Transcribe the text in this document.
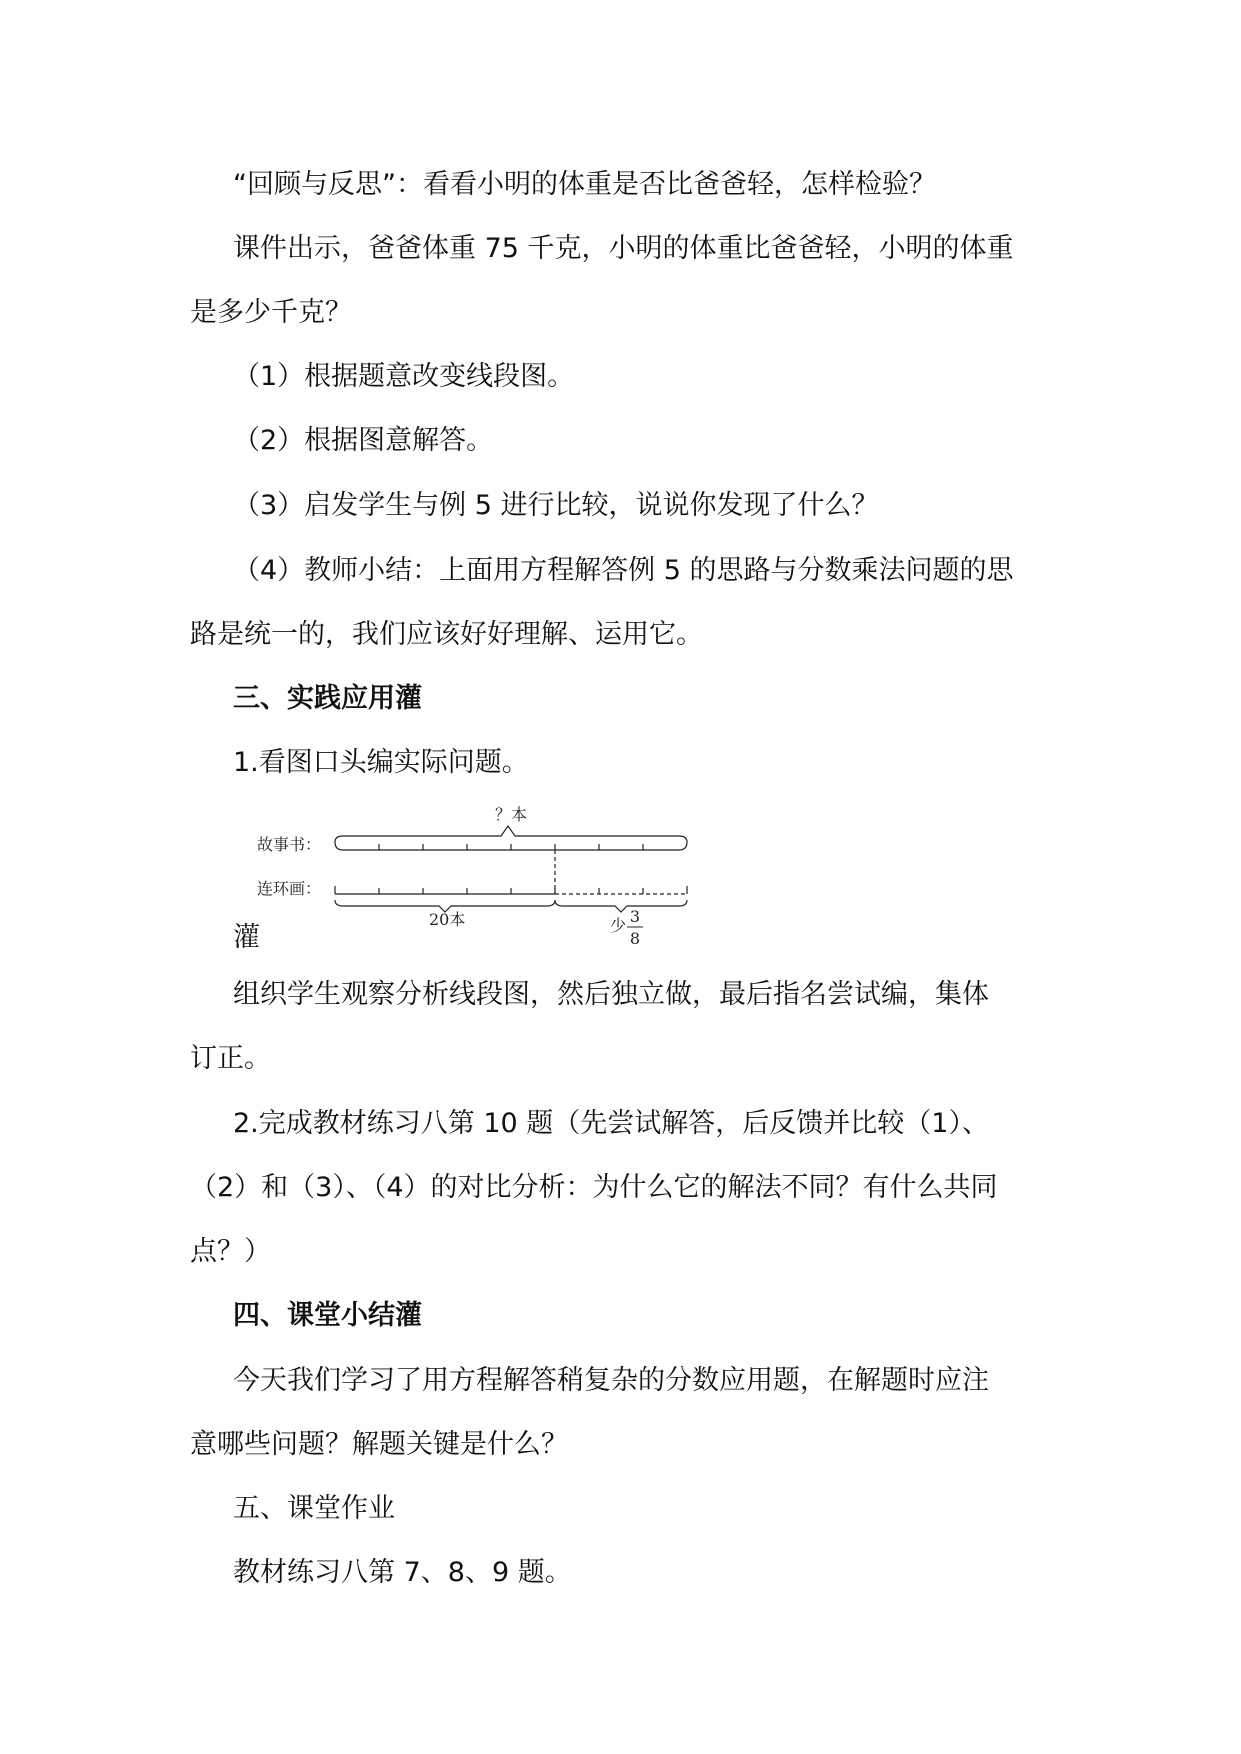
“回顾与反思”：看看小明的体重是否比爸爸轻，怎样检验？
课件出示，爸爸体重 75 千克，小明的体重比爸爸轻，小明的体重
是多少千克？
（1）根据题意改变线段图。
（2）根据图意解答。
（3）启发学生与例 5 进行比较，说说你发现了什么？
（4）教师小结：上面用方程解答例 5 的思路与分数乘法问题的思
路是统一的，我们应该好好理解、运用它。
三、实践应用灌
1.看图口头编实际问题。
故事书：
连环画：
？本
20本	少 3
8
灌
组织学生观察分析线段图，然后独立做，最后指名尝试编，集体
订正。
2.完成教材练习八第 10 题（先尝试解答，后反馈并比较（1）、
（2）和（3）、（4）的对比分析：为什么它的解法不同？有什么共同
点？）
四、课堂小结灌
今天我们学习了用方程解答稍复杂的分数应用题，在解题时应注
意哪些问题？解题关键是什么？
五、课堂作业
教材练习八第 7、8、9 题。
